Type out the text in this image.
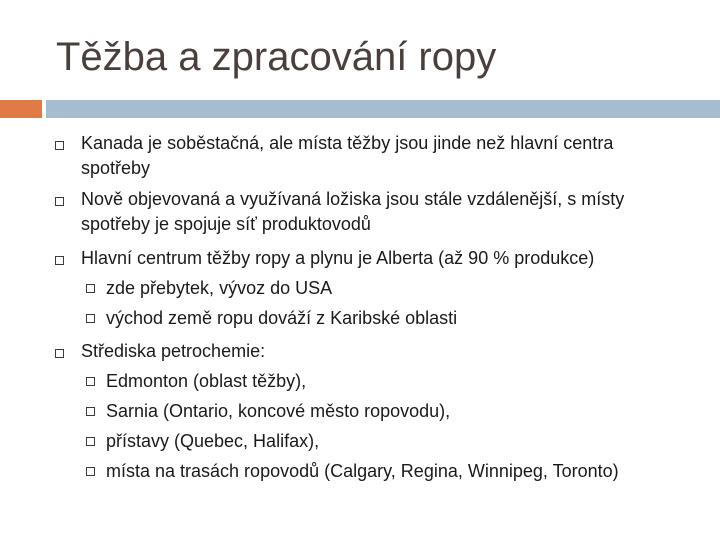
Těžba a zpracování ropy
Kanada je soběstačná, ale místa těžby jsou jinde než hlavní centra spotřeby
Nově objevovaná a využívaná ložiska jsou stále vzdálenější, s místy spotřeby je spojuje síť produktovodů
Hlavní centrum těžby ropy a plynu je Alberta (až 90 % produkce)
zde přebytek, vývoz do USA
východ země ropu dováží z Karibské oblasti
Střediska petrochemie:
Edmonton (oblast těžby),
Sarnia (Ontario, koncové město ropovodu),
přístavy (Quebec, Halifax),
místa na trasách ropovodů (Calgary, Regina, Winnipeg, Toronto)
